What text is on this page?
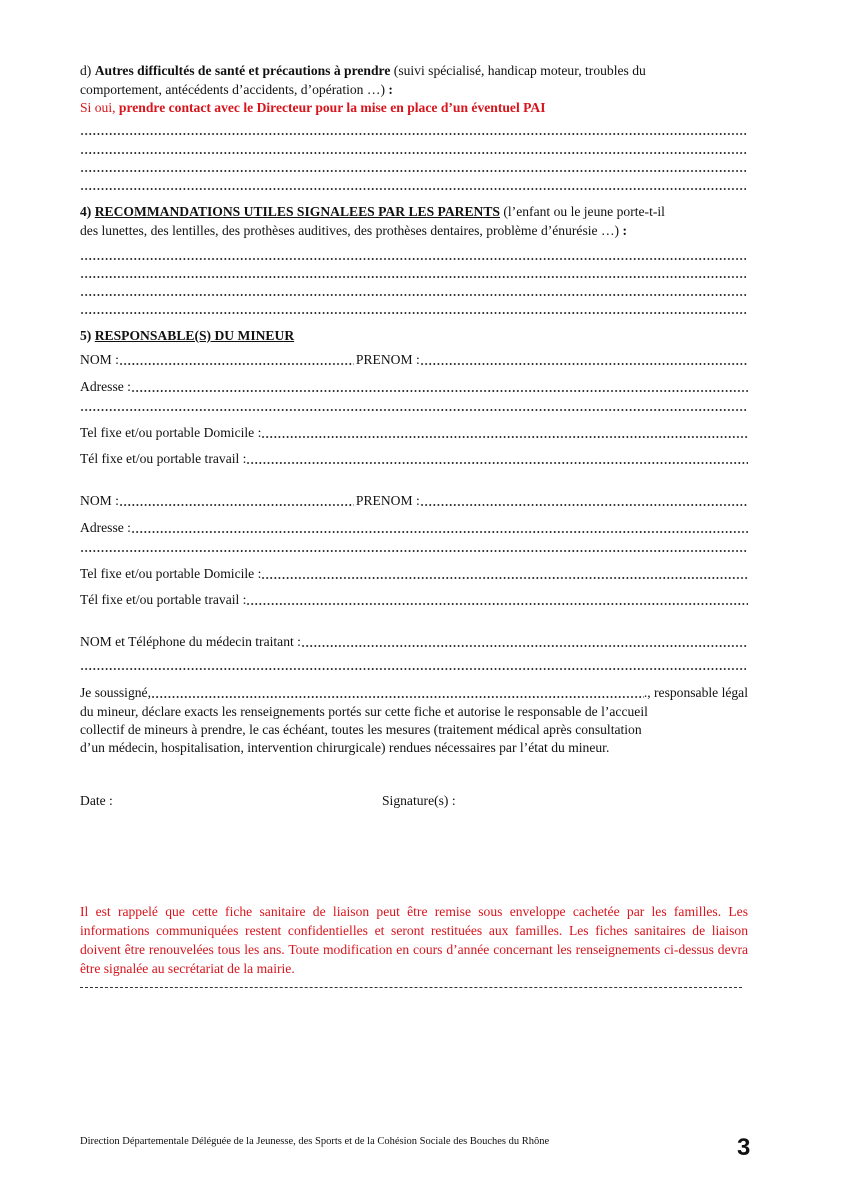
d) Autres difficultés de santé et précautions à prendre (suivi spécialisé, handicap moteur, troubles du
comportement, antécédents d’accidents, d’opération …) :
Si oui, prendre contact avec le Directeur pour la mise en place d’un éventuel PAI
4) RECOMMANDATIONS UTILES SIGNALEES PAR LES PARENTS (l’enfant ou le jeune porte-t-il
des lunettes, des lentilles, des prothèses auditives, des prothèses dentaires, problème d’énurésie …) :
5) RESPONSABLE(S) DU MINEUR
NOM :	PRENOM :
Adresse :
Tel fixe et/ou portable Domicile :
Tél fixe et/ou portable travail :
NOM :	PRENOM :
Adresse :
Tel fixe et/ou portable Domicile :
Tél fixe et/ou portable travail :
NOM et Téléphone du médecin traitant :
Je soussigné,	., responsable légal
du mineur, déclare exacts les renseignements portés sur cette fiche et autorise le responsable de l’accueil
collectif de mineurs à prendre, le cas échéant, toutes les mesures (traitement médical après consultation
d’un médecin, hospitalisation, intervention chirurgicale) rendues nécessaires par l’état du mineur.
Date :	Signature(s) :
Il est rappelé que cette fiche sanitaire de liaison peut être remise sous enveloppe cachetée par les familles. Les informations communiquées restent confidentielles et seront restituées aux familles. Les fiches sanitaires de liaison doivent être renouvelées tous les ans. Toute modification en cours d’année concernant les renseignements ci-dessus devra être signalée au secrétariat de la mairie.
Direction Départementale Déléguée de la Jeunesse, des Sports et de la Cohésion Sociale des Bouches du Rhône	3
